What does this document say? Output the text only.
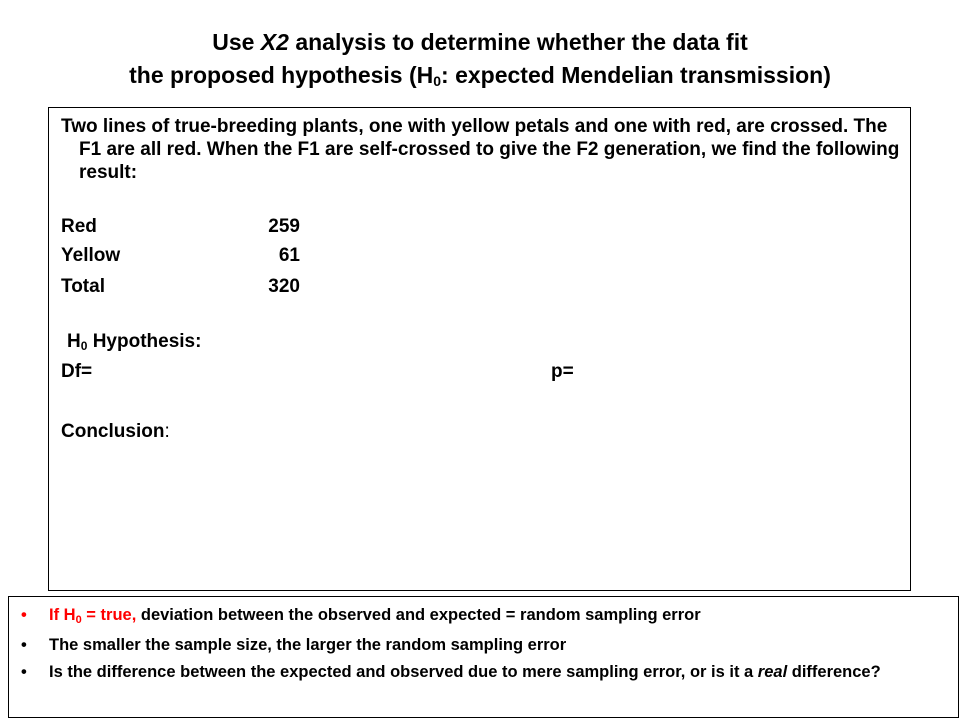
Use X2 analysis to determine whether the data fit
the proposed hypothesis ($H_0$: expected Mendelian transmission)

Two lines of true-breeding plants, one with yellow petals and one with red, are crossed. The F1 are all red. When the F1 are self-crossed to give the F2 generation, we find the following result:

Red	259
Yellow	61
Total	320
$H_0$ Hypothesis:
Df=	p=
Conclusion:
• If $H_0$ = true, deviation between the observed and expected = random sampling error
• The smaller the sample size, the larger the random sampling error
• Is the difference between the expected and observed due to mere sampling error, or is it a real difference?
